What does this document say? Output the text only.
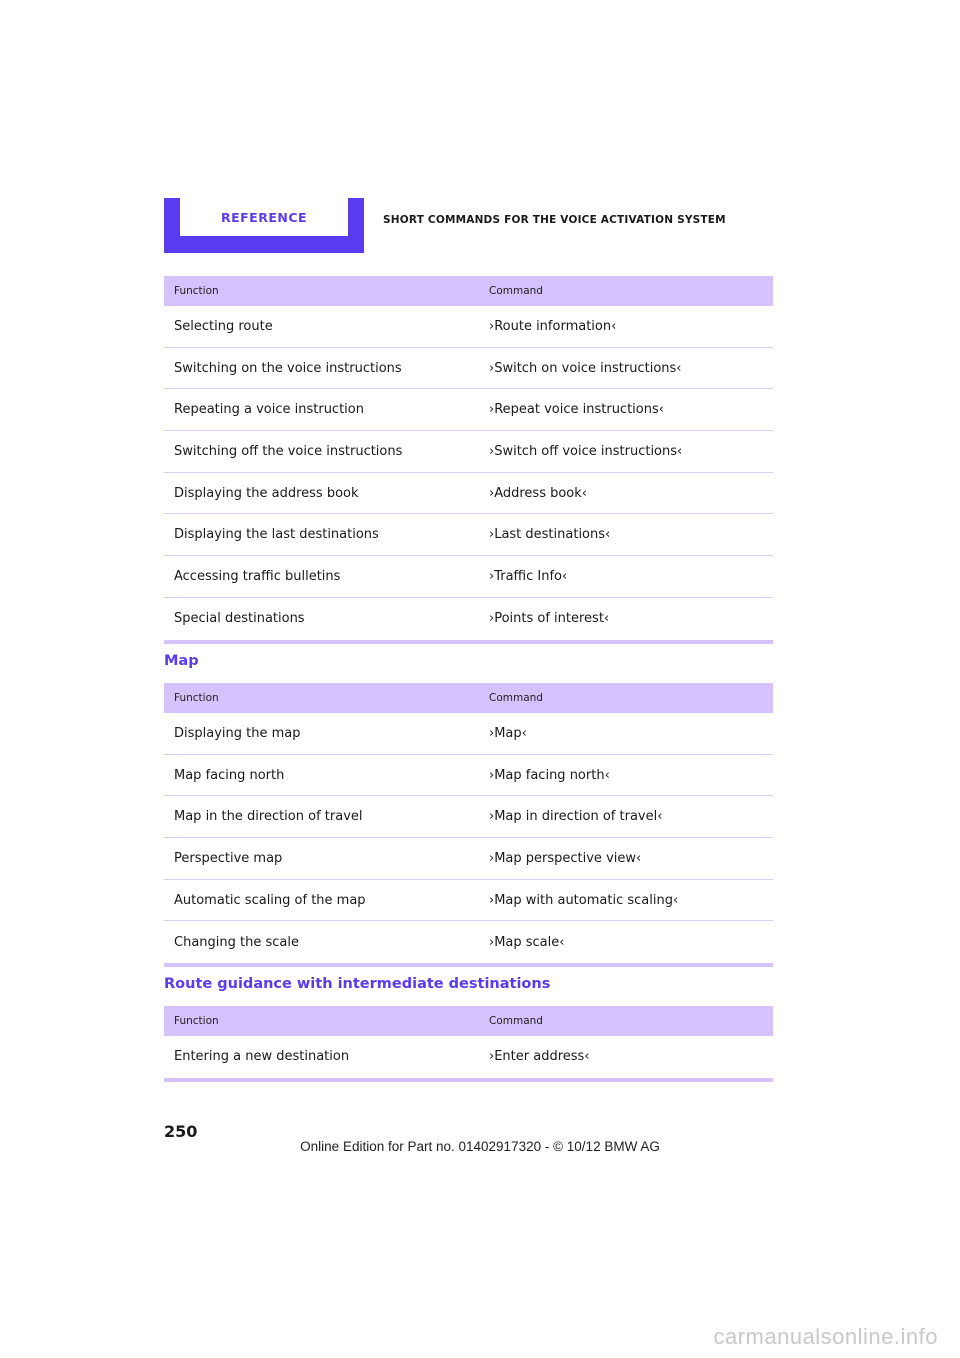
REFERENCE	SHORT COMMANDS FOR THE VOICE ACTIVATION SYSTEM
Function	Command
Selecting route	›Route information‹
Switching on the voice instructions	›Switch on voice instructions‹
Repeating a voice instruction	›Repeat voice instructions‹
Switching off the voice instructions	›Switch off voice instructions‹
Displaying the address book	›Address book‹
Displaying the last destinations	›Last destinations‹
Accessing traffic bulletins	›Traffic Info‹
Special destinations	›Points of interest‹
Map
Function	Command
Displaying the map	›Map‹
Map facing north	›Map facing north‹
Map in the direction of travel	›Map in direction of travel‹
Perspective map	›Map perspective view‹
Automatic scaling of the map	›Map with automatic scaling‹
Changing the scale	›Map scale‹
Route guidance with intermediate destinations
Function	Command
Entering a new destination	›Enter address‹
250
Online Edition for Part no. 01402917320 - © 10/12 BMW AG
carmanualsonline.info
